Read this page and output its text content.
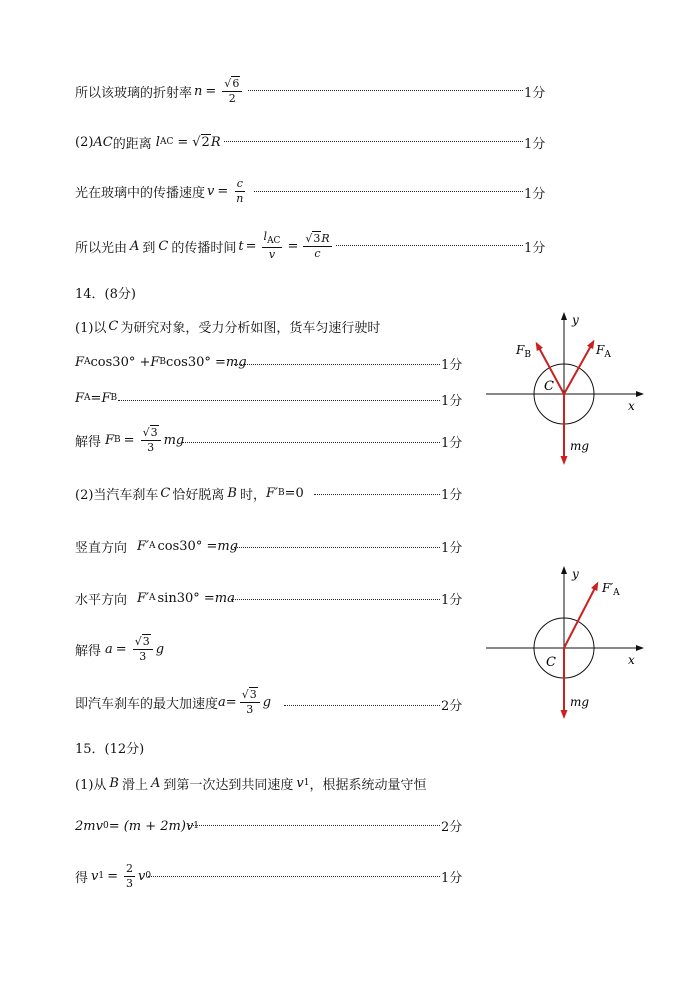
所以该玻璃的折射率 $n = \frac{√6}{2}$	1分
(2) AC 的距离 l AC = √2 R	1分
光在玻璃中的传播速度 $v = \frac{c}{n}$	1分
所以光由 A 到 C 的传播时间 $t = \frac{l_{AC}}{v} = \frac{√3R}{c}$	1分
14．(8分)
(1)以 C 为研究对象，受力分析如图，货车匀速行驶时
F A cos30° + F B cos30° = mg	1分
F A = F B	1分
解得 F $B = \frac{√3}{3}$ mg	1分
(2)当汽车刹车 C 恰好脱离 B 时， F′ B =0	1分
竖直方向 F′ A cos30° = mg	1分
水平方向 F′ A sin30° = ma	1分
解得 $a = \frac{√3}{3}$ g
即汽车刹车的最大加速度 $a = \frac{√3}{3}$ g	2分
15．(12分)
(1)从 B 滑上 A 到第一次达到共同速度 v 1 ，根据系统动量守恒
2mv 0 = (m + 2m)v 1	2分
得 v $1 = \frac{2}{3}$ v 0	1分
y
x
C
$F_B$	$F_A$
mg
y
x
C
$F'_A$
mg
